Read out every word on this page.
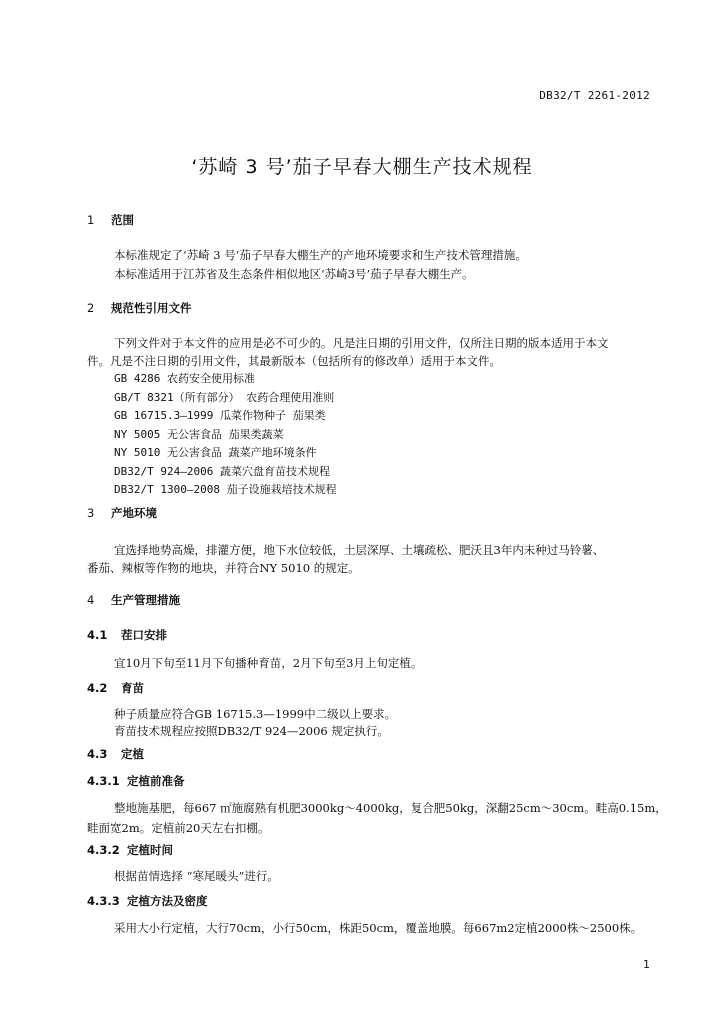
DB32/T 2261-2012
‘苏崎 3 号’茄子早春大棚生产技术规程
1 范围
本标准规定了‘苏崎 3 号’茄子早春大棚生产的产地环境要求和生产技术管理措施。
本标准适用于江苏省及生态条件相似地区‘苏崎3号’茄子早春大棚生产。
2 规范性引用文件
下列文件对于本文件的应用是必不可少的。凡是注日期的引用文件，仅所注日期的版本适用于本文
件。凡是不注日期的引用文件，其最新版本（包括所有的修改单）适用于本文件。
GB 4286 农药安全使用标准
GB/T 8321（所有部分） 农药合理使用准则
GB 16715.3—1999 瓜菜作物种子 茄果类
NY 5005 无公害食品 茄果类蔬菜
NY 5010 无公害食品 蔬菜产地环境条件
DB32/T 924—2006 蔬菜穴盘育苗技术规程
DB32/T 1300—2008 茄子设施栽培技术规程
3 产地环境
宜选择地势高燥，排灌方便，地下水位较低，土层深厚、土壤疏松、肥沃且3年内未种过马铃薯、
番茄、辣椒等作物的地块，并符合NY 5010 的规定。
4 生产管理措施
4.1 茬口安排
宜10月下旬至11月下旬播种育苗，2月下旬至3月上旬定植。
4.2 育苗
种子质量应符合GB 16715.3—1999中二级以上要求。
育苗技术规程应按照DB32/T 924—2006 规定执行。
4.3 定植
4.3.1 定植前准备
整地施基肥，每667 ㎡施腐熟有机肥3000kg～4000kg，复合肥50kg，深翻25cm～30cm。畦高0.15m，
畦面宽2m。定植前20天左右扣棚。
4.3.2 定植时间
根据苗情选择 “寒尾暖头”进行。
4.3.3 定植方法及密度
采用大小行定植，大行70cm，小行50cm，株距50cm，覆盖地膜。每667m2定植2000株～2500株。
1
